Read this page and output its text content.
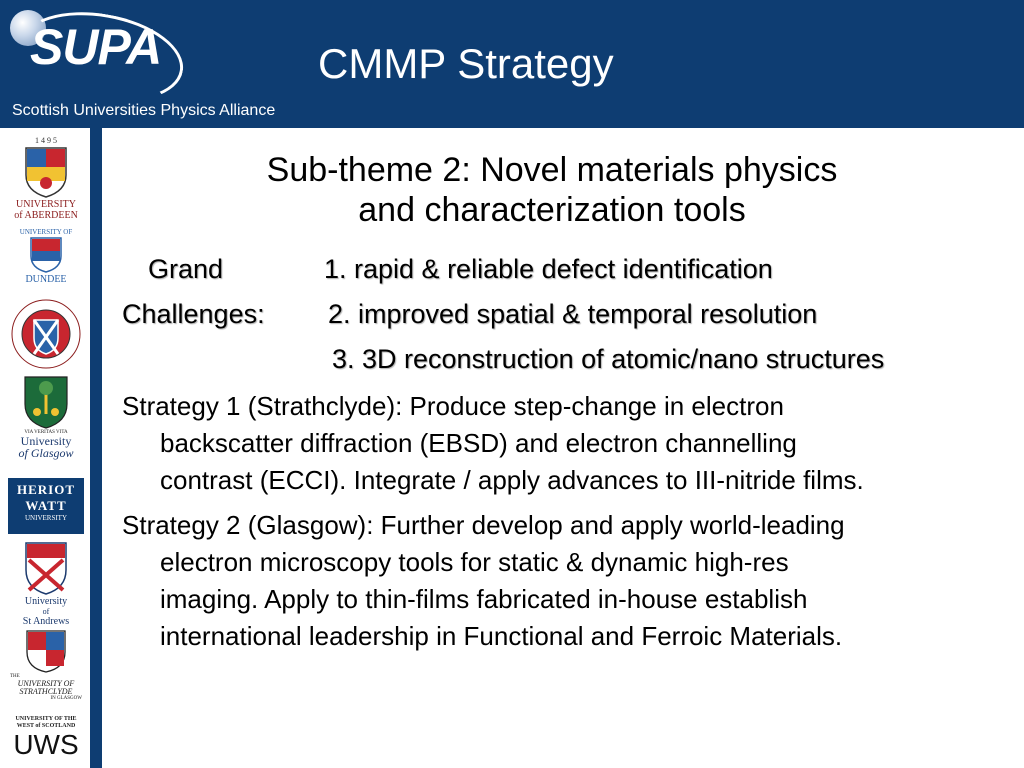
SUPA
Scottish Universities Physics Alliance
CMMP Strategy
1 4 9 5
UNIVERSITY
of ABERDEEN
UNIVERSITY OF
DUNDEE
VIA VERITAS VITA
University
of Glasgow
HERIOT
WATT
UNIVERSITY
University
of
St Andrews
THE
UNIVERSITY OF
STRATHCLYDE
IN GLASGOW
UNIVERSITY OF THE
WEST of SCOTLAND
UWS
Sub-theme 2: Novel materials physics
and characterization tools
Grand	1. rapid & reliable defect identification
Challenges: 2. improved spatial & temporal resolution
3. 3D reconstruction of atomic/nano structures
Strategy 1 (Strathclyde): Produce step-change in electron
backscatter diffraction (EBSD) and electron channelling
contrast (ECCI). Integrate / apply advances to III-nitride films.
Strategy 2 (Glasgow): Further develop and apply world-leading
electron microscopy tools for static & dynamic high-res
imaging. Apply to thin-films fabricated in-house establish
international leadership in Functional and Ferroic Materials.
